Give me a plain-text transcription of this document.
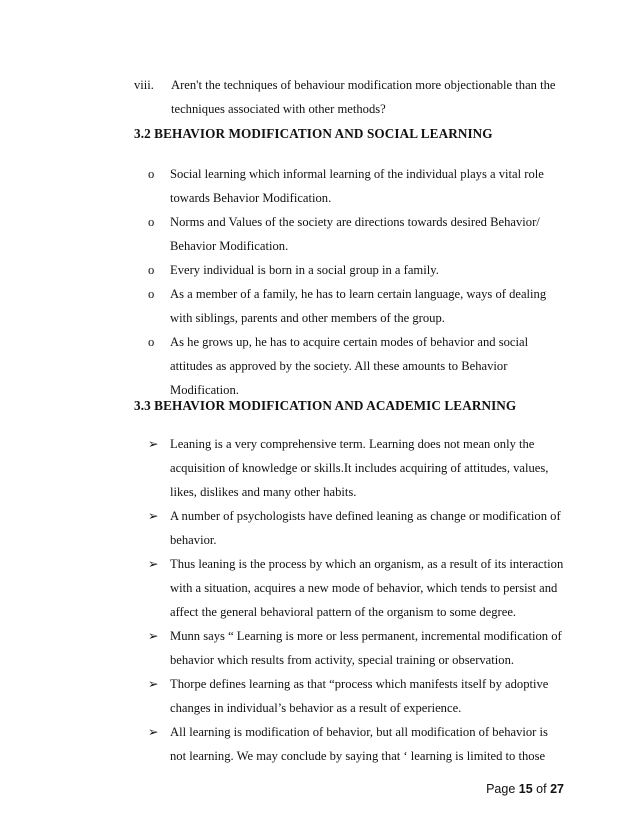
viii. Aren't the techniques of behaviour modification more objectionable than the
techniques associated with other methods?
3.2 BEHAVIOR MODIFICATION AND SOCIAL LEARNING
o Social learning which informal learning of the individual plays a vital role
towards Behavior Modification.
o Norms and Values of the society are directions towards desired Behavior/
Behavior Modification.
o Every individual is born in a social group in a family.
o As a member of a family, he has to learn certain language, ways of dealing
with siblings, parents and other members of the group.
o As he grows up, he has to acquire certain modes of behavior and social
attitudes as approved by the society. All these amounts to Behavior
Modification.
3.3 BEHAVIOR MODIFICATION AND ACADEMIC LEARNING
➢ Leaning is a very comprehensive term. Learning does not mean only the
acquisition of knowledge or skills.It includes acquiring of attitudes, values,
likes, dislikes and many other habits.
➢ A number of psychologists have defined leaning as change or modification of
behavior.
➢ Thus leaning is the process by which an organism, as a result of its interaction
with a situation, acquires a new mode of behavior, which tends to persist and
affect the general behavioral pattern of the organism to some degree.
➢ Munn says “ Learning is more or less permanent, incremental modification of
behavior which results from activity, special training or observation.
➢ Thorpe defines learning as that “process which manifests itself by adoptive
changes in individual’s behavior as a result of experience.
➢ All learning is modification of behavior, but all modification of behavior is
not learning. We may conclude by saying that ‘ learning is limited to those
Page 15 of 27
